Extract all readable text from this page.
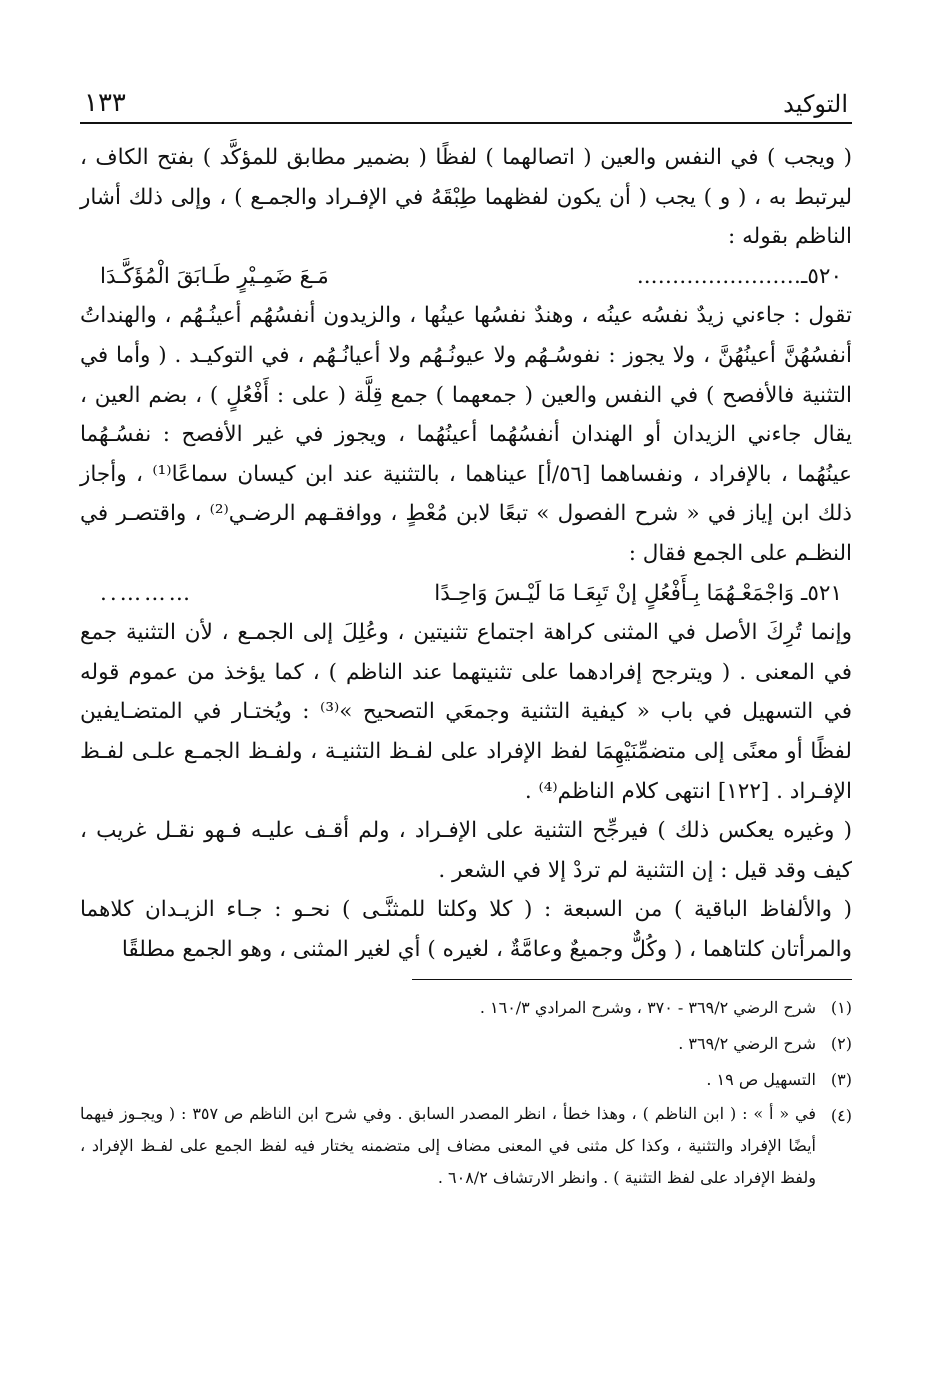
التوكيد
١٣٣

( ويجب ) في النفس والعين ( اتصالهما ) لفظًا ( بضمير مطابق للمؤكَّد ) بفتح الكاف ، ليرتبط به ، ( و ) يجب ( أن يكون لفظهما طِبْقَهُ في الإفـراد والجمـع ) ، وإلى ذلك أشار الناظم بقوله :

٥٢٠ـ…………………..
مَـعَ ضَمِـيْرٍ طَـابَقَ الْمُؤَكَّـدَا

تقول : جاءني زيدٌ نفسُه عينُه ، وهندٌ نفسُها عينُها ، والزيدون أنفسُهُم أعينُـهُم ، والهنداتُ أنفسُهُنَّ أعينُهُنَّ ، ولا يجوز : نفوسُـهُم ولا عيونُـهُم ولا أعيانُـهُم ، في التوكيـد . ( وأما في التثنية فالأفصح ) في النفس والعين ( جمعهما ) جمع قِلَّة ( على : أَفْعُلٍ ) ، بضم العين ، يقال جاءني الزيدان أو الهندان أنفسُهُما أعينُهُما ، ويجوز في غير الأفصح : نفسُـهُما عينُهُما ، بالإفراد ، ونفساهما [٥٦/أ] عيناهما ، بالتثنية عند ابن كيسان سماعًا⁽¹⁾ ، وأجاز ذلك ابن إياز في « شرح الفصول » تبعًا لابن مُعْطٍ ، ووافقـهم الرضـي⁽²⁾ ، واقتصـر في النظـم على الجمع فقال :

٥٢١ـ وَاجْمَعْـهُمَا بِـأَفْعُلٍ إنْ تَبِعَـا مَا لَيْـسَ وَاحِـدًا
………..

وإنما تُرِكَ الأصل في المثنى كراهة اجتماع تثنيتين ، وعُلِلَ إلى الجمـع ، لأن التثنية جمع في المعنى . ( ويترجح إفرادهما على تثنيتهما عند الناظم ) ، كما يؤخذ من عموم قوله في التسهيل في باب « كيفية التثنية وجمعَي التصحيح »⁽³⁾ : ويُختـار في المتضـايفين لفظًا أو معنًى إلى متضمِّنَيْهِمَا لفظ الإفراد على لفـظ التثنيـة ، ولفـظ الجمـع علـى لفـظ الإفـراد . [١٢٢] انتهى كلام الناظم⁽⁴⁾ .

( وغيره يعكس ذلك ) فيرجِّح التثنية على الإفـراد ، ولم أقـف عليـه فـهو نقـل غريب ، كيف وقد قيل : إن التثنية لم تردْ إلا في الشعر .

( والألفاظ الباقية ) من السبعة : ( كلا وكلتا للمثنَّـى ) نحـو : جـاء الزيـدان كلاهما والمرأتان كلتاهما ، ( وكُلٌّ وجميعٌ وعامَّةٌ ، لغيره ) أي لغير المثنى ، وهو الجمع مطلقًا

(١)
شرح الرضي ٣٦٩/٢ - ٣٧٠ ، وشرح المرادي ١٦٠/٣ .
(٢)
شرح الرضي ٣٦٩/٢ .
(٣)
التسهيل ص ١٩ .
(٤)
في « أ » : ( ابن الناظم ) ، وهذا خطأ ، انظر المصدر السابق . وفي شرح ابن الناظم ص ٣٥٧ : ( ويجـوز فيهما أيضًا الإفراد والتثنية ، وكذا كل مثنى في المعنى مضاف إلى متضمنه يختار فيه لفظ الجمع على لفـظ الإفراد ، ولفظ الإفراد على لفظ التثنية ) . وانظر الارتشاف ٦٠٨/٢ .
